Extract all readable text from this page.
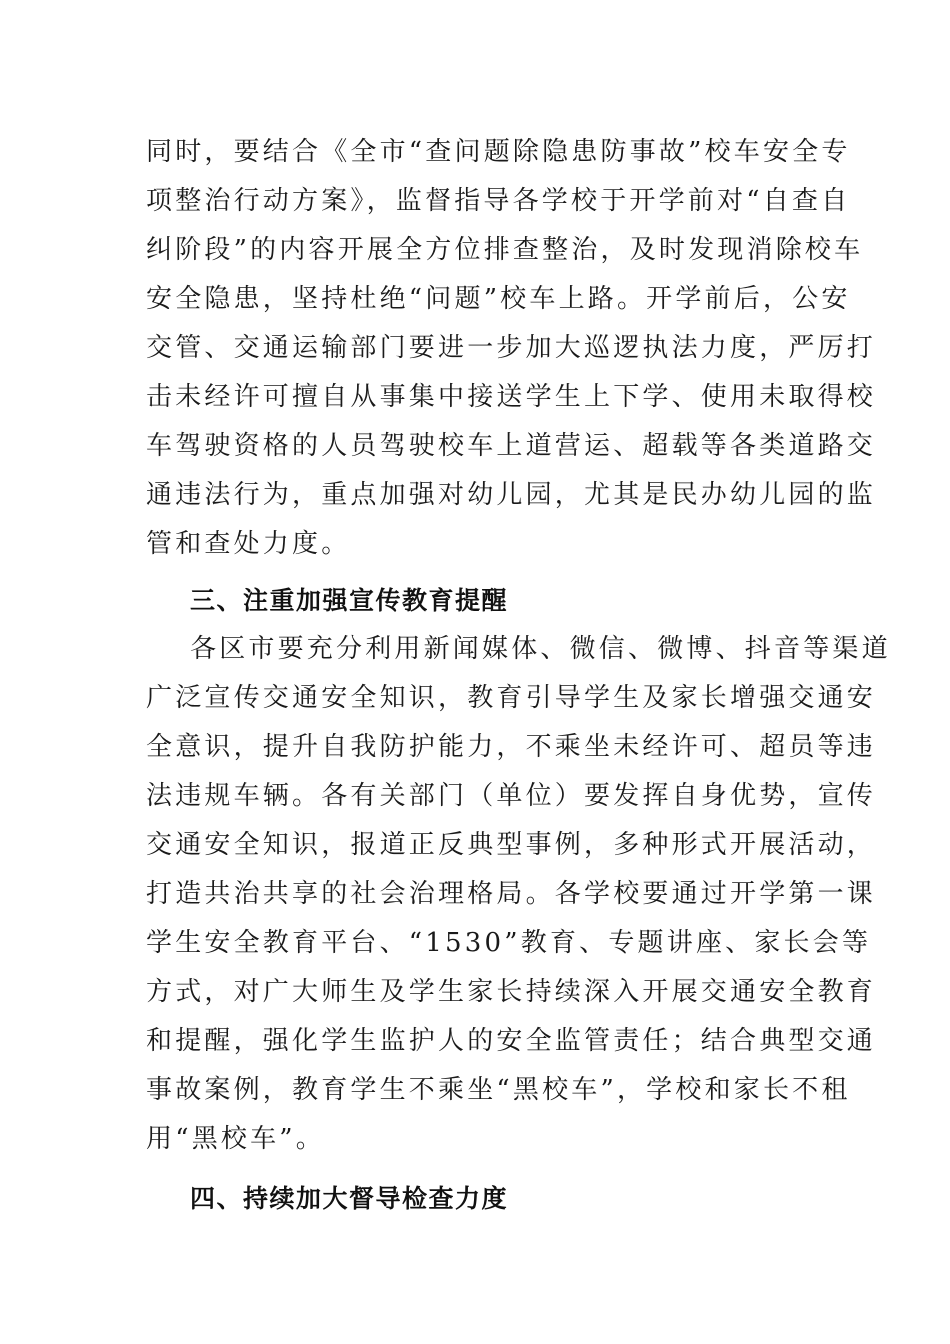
同时，要结合《全市“查问题除隐患防事故”校车安全专
项整治行动方案》，监督指导各学校于开学前对“自查自
纠阶段”的内容开展全方位排查整治，及时发现消除校车
安全隐患，坚持杜绝“问题”校车上路。开学前后，公安
交管、交通运输部门要进一步加大巡逻执法力度，严厉打
击未经许可擅自从事集中接送学生上下学、使用未取得校
车驾驶资格的人员驾驶校车上道营运、超载等各类道路交
通违法行为，重点加强对幼儿园，尤其是民办幼儿园的监
管和查处力度。
三、注重加强宣传教育提醒
各区市要充分利用新闻媒体、微信、微博、抖音等渠道
广泛宣传交通安全知识，教育引导学生及家长增强交通安
全意识，提升自我防护能力，不乘坐未经许可、超员等违
法违规车辆。各有关部门（单位）要发挥自身优势，宣传
交通安全知识，报道正反典型事例，多种形式开展活动，
打造共治共享的社会治理格局。各学校要通过开学第一课
学生安全教育平台、“1530”教育、专题讲座、家长会等
方式，对广大师生及学生家长持续深入开展交通安全教育
和提醒，强化学生监护人的安全监管责任；结合典型交通
事故案例，教育学生不乘坐“黑校车”，学校和家长不租
用“黑校车”。
四、持续加大督导检查力度
